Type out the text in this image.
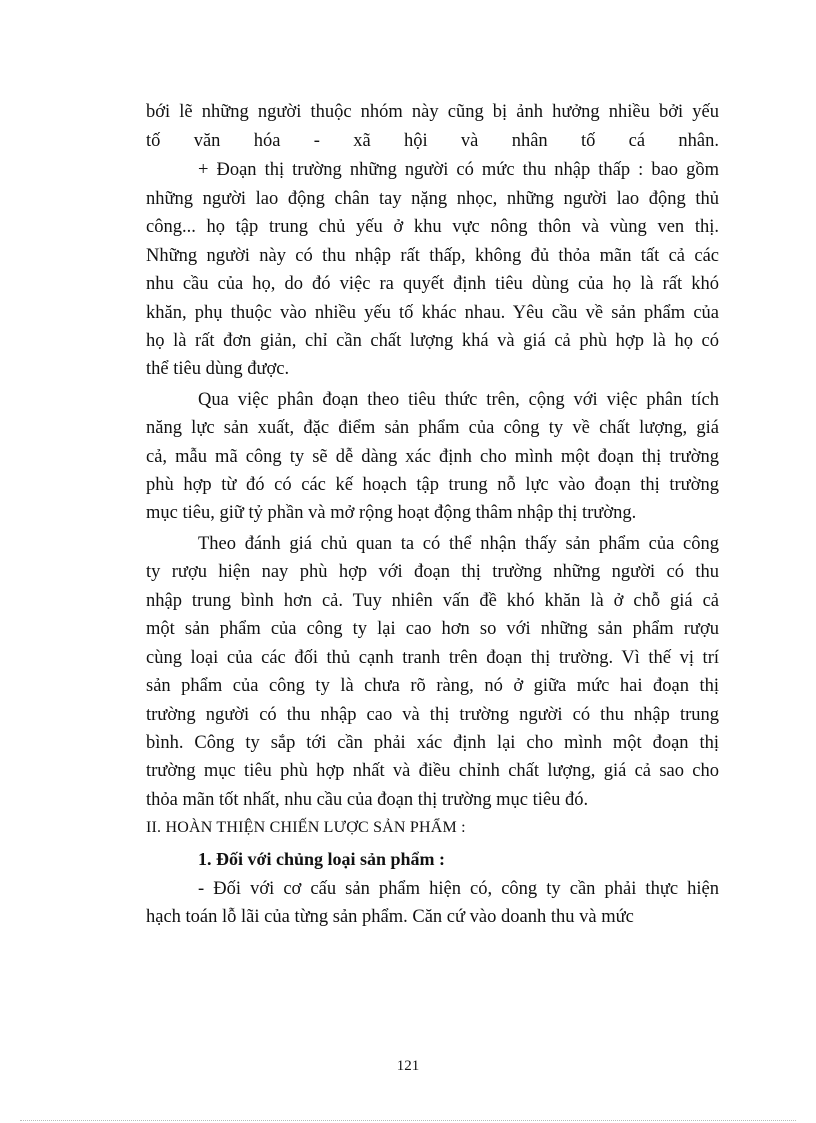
bới lẽ những người thuộc nhóm này cũng bị ảnh hưởng nhiều bởi yếu
tố văn hóa - xã hội và nhân tố cá nhân.
+ Đoạn thị trường những người có mức thu nhập thấp : bao gồm
những người lao động chân tay nặng nhọc, những người lao động thủ
công... họ tập trung chủ yếu ở khu vực nông thôn và vùng ven thị.
Những người này có thu nhập rất thấp, không đủ thỏa mãn tất cả các
nhu cầu của họ, do đó việc ra quyết định tiêu dùng của họ là rất khó
khăn, phụ thuộc vào nhiều yếu tố khác nhau. Yêu cầu về sản phẩm của
họ là rất đơn giản, chỉ cần chất lượng khá và giá cả phù hợp là họ có
thể tiêu dùng được.
Qua việc phân đoạn theo tiêu thức trên, cộng với việc phân tích
năng lực sản xuất, đặc điểm sản phẩm của công ty về chất lượng, giá
cả, mẫu mã công ty sẽ dễ dàng xác định cho mình một đoạn thị trường
phù hợp từ đó có các kế hoạch tập trung nỗ lực vào đoạn thị trường
mục tiêu, giữ tỷ phần và mở rộng hoạt động thâm nhập thị trường.
Theo đánh giá chủ quan ta có thể nhận thấy sản phẩm của công
ty rượu hiện nay phù hợp với đoạn thị trường những người có thu
nhập trung bình hơn cả. Tuy nhiên vấn đề khó khăn là ở chỗ giá cả
một sản phẩm của công ty lại cao hơn so với những sản phẩm rượu
cùng loại của các đối thủ cạnh tranh trên đoạn thị trường. Vì thế vị trí
sản phẩm của công ty là chưa rõ ràng, nó ở giữa mức hai đoạn thị
trường người có thu nhập cao và thị trường người có thu nhập trung
bình. Công ty sắp tới cần phải xác định lại cho mình một đoạn thị
trường mục tiêu phù hợp nhất và điều chỉnh chất lượng, giá cả sao cho
thỏa mãn tốt nhất, nhu cầu của đoạn thị trường mục tiêu đó.
II. HOÀN THIỆN CHIẾN LƯỢC SẢN PHẨM :
1. Đối với chủng loại sản phẩm :
- Đối với cơ cấu sản phẩm hiện có, công ty cần phải thực hiện
hạch toán lỗ lãi của từng sản phẩm. Căn cứ vào doanh thu và mức
121
